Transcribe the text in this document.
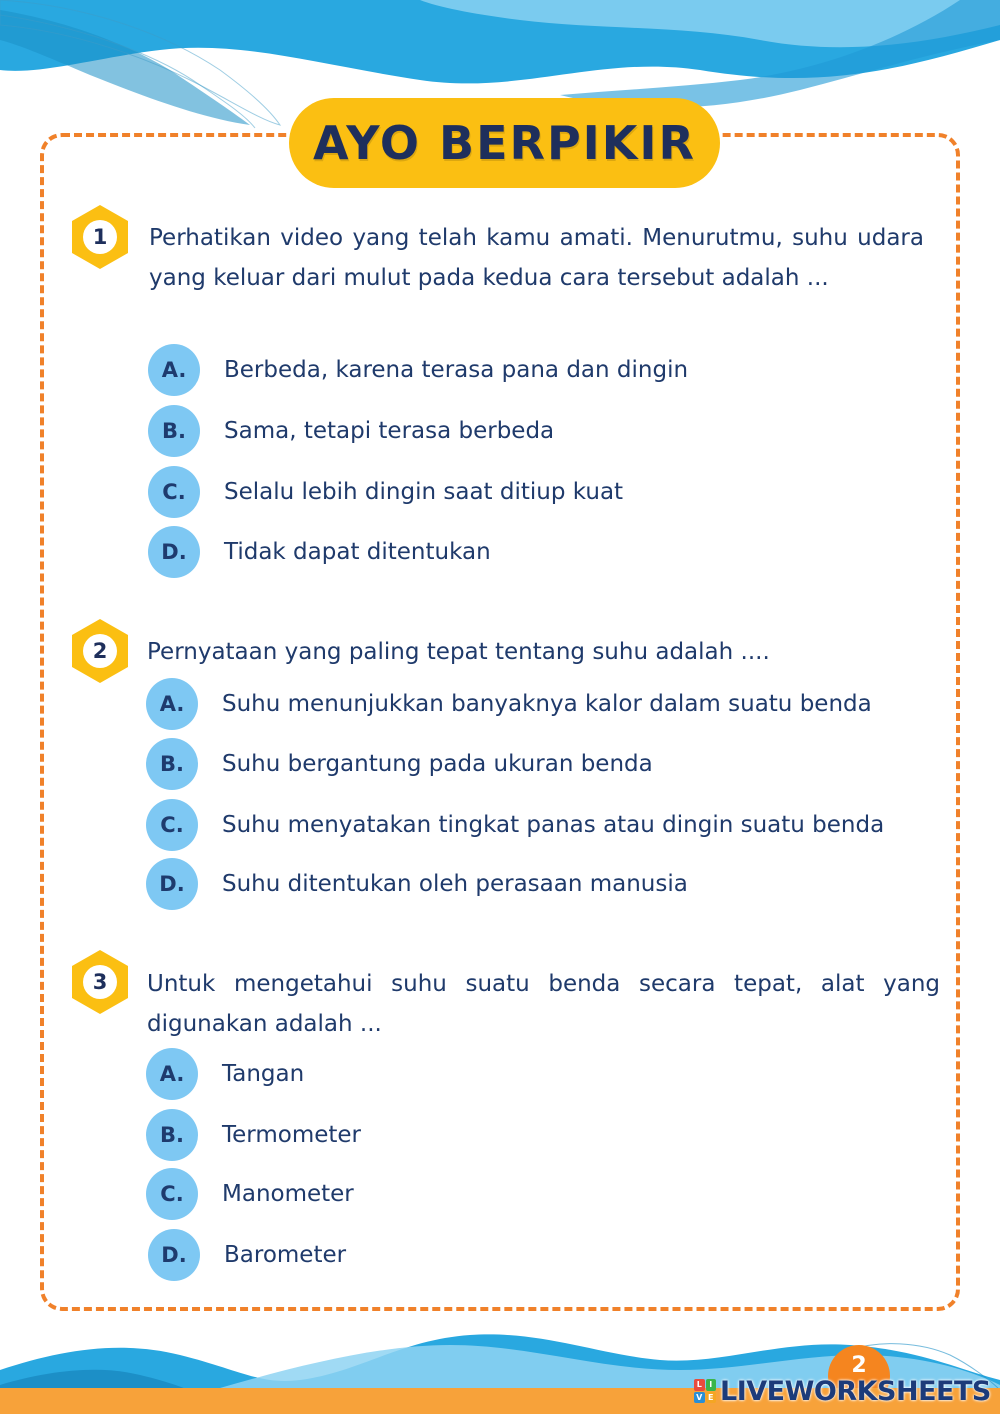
AYO BERPIKIR
1	Perhatikan video yang telah kamu amati. Menurutmu, suhu udara yang keluar dari mulut pada kedua cara tersebut adalah ...
A.	Berbeda, karena terasa pana dan dingin
B.	Sama, tetapi terasa berbeda
C.	Selalu lebih dingin saat ditiup kuat
D.	Tidak dapat ditentukan
2	Pernyataan yang paling tepat tentang suhu adalah ....
A.	Suhu menunjukkan banyaknya kalor dalam suatu benda
B.	Suhu bergantung pada ukuran benda
C.	Suhu menyatakan tingkat panas atau dingin suatu benda
D.	Suhu ditentukan oleh perasaan manusia
3	Untuk mengetahui suhu suatu benda secara tepat, alat yang digunakan adalah ...
A.	Tangan
B.	Termometer
C.	Manometer
D.	Barometer
2
L I
V E LIVEWORKSHEETS
